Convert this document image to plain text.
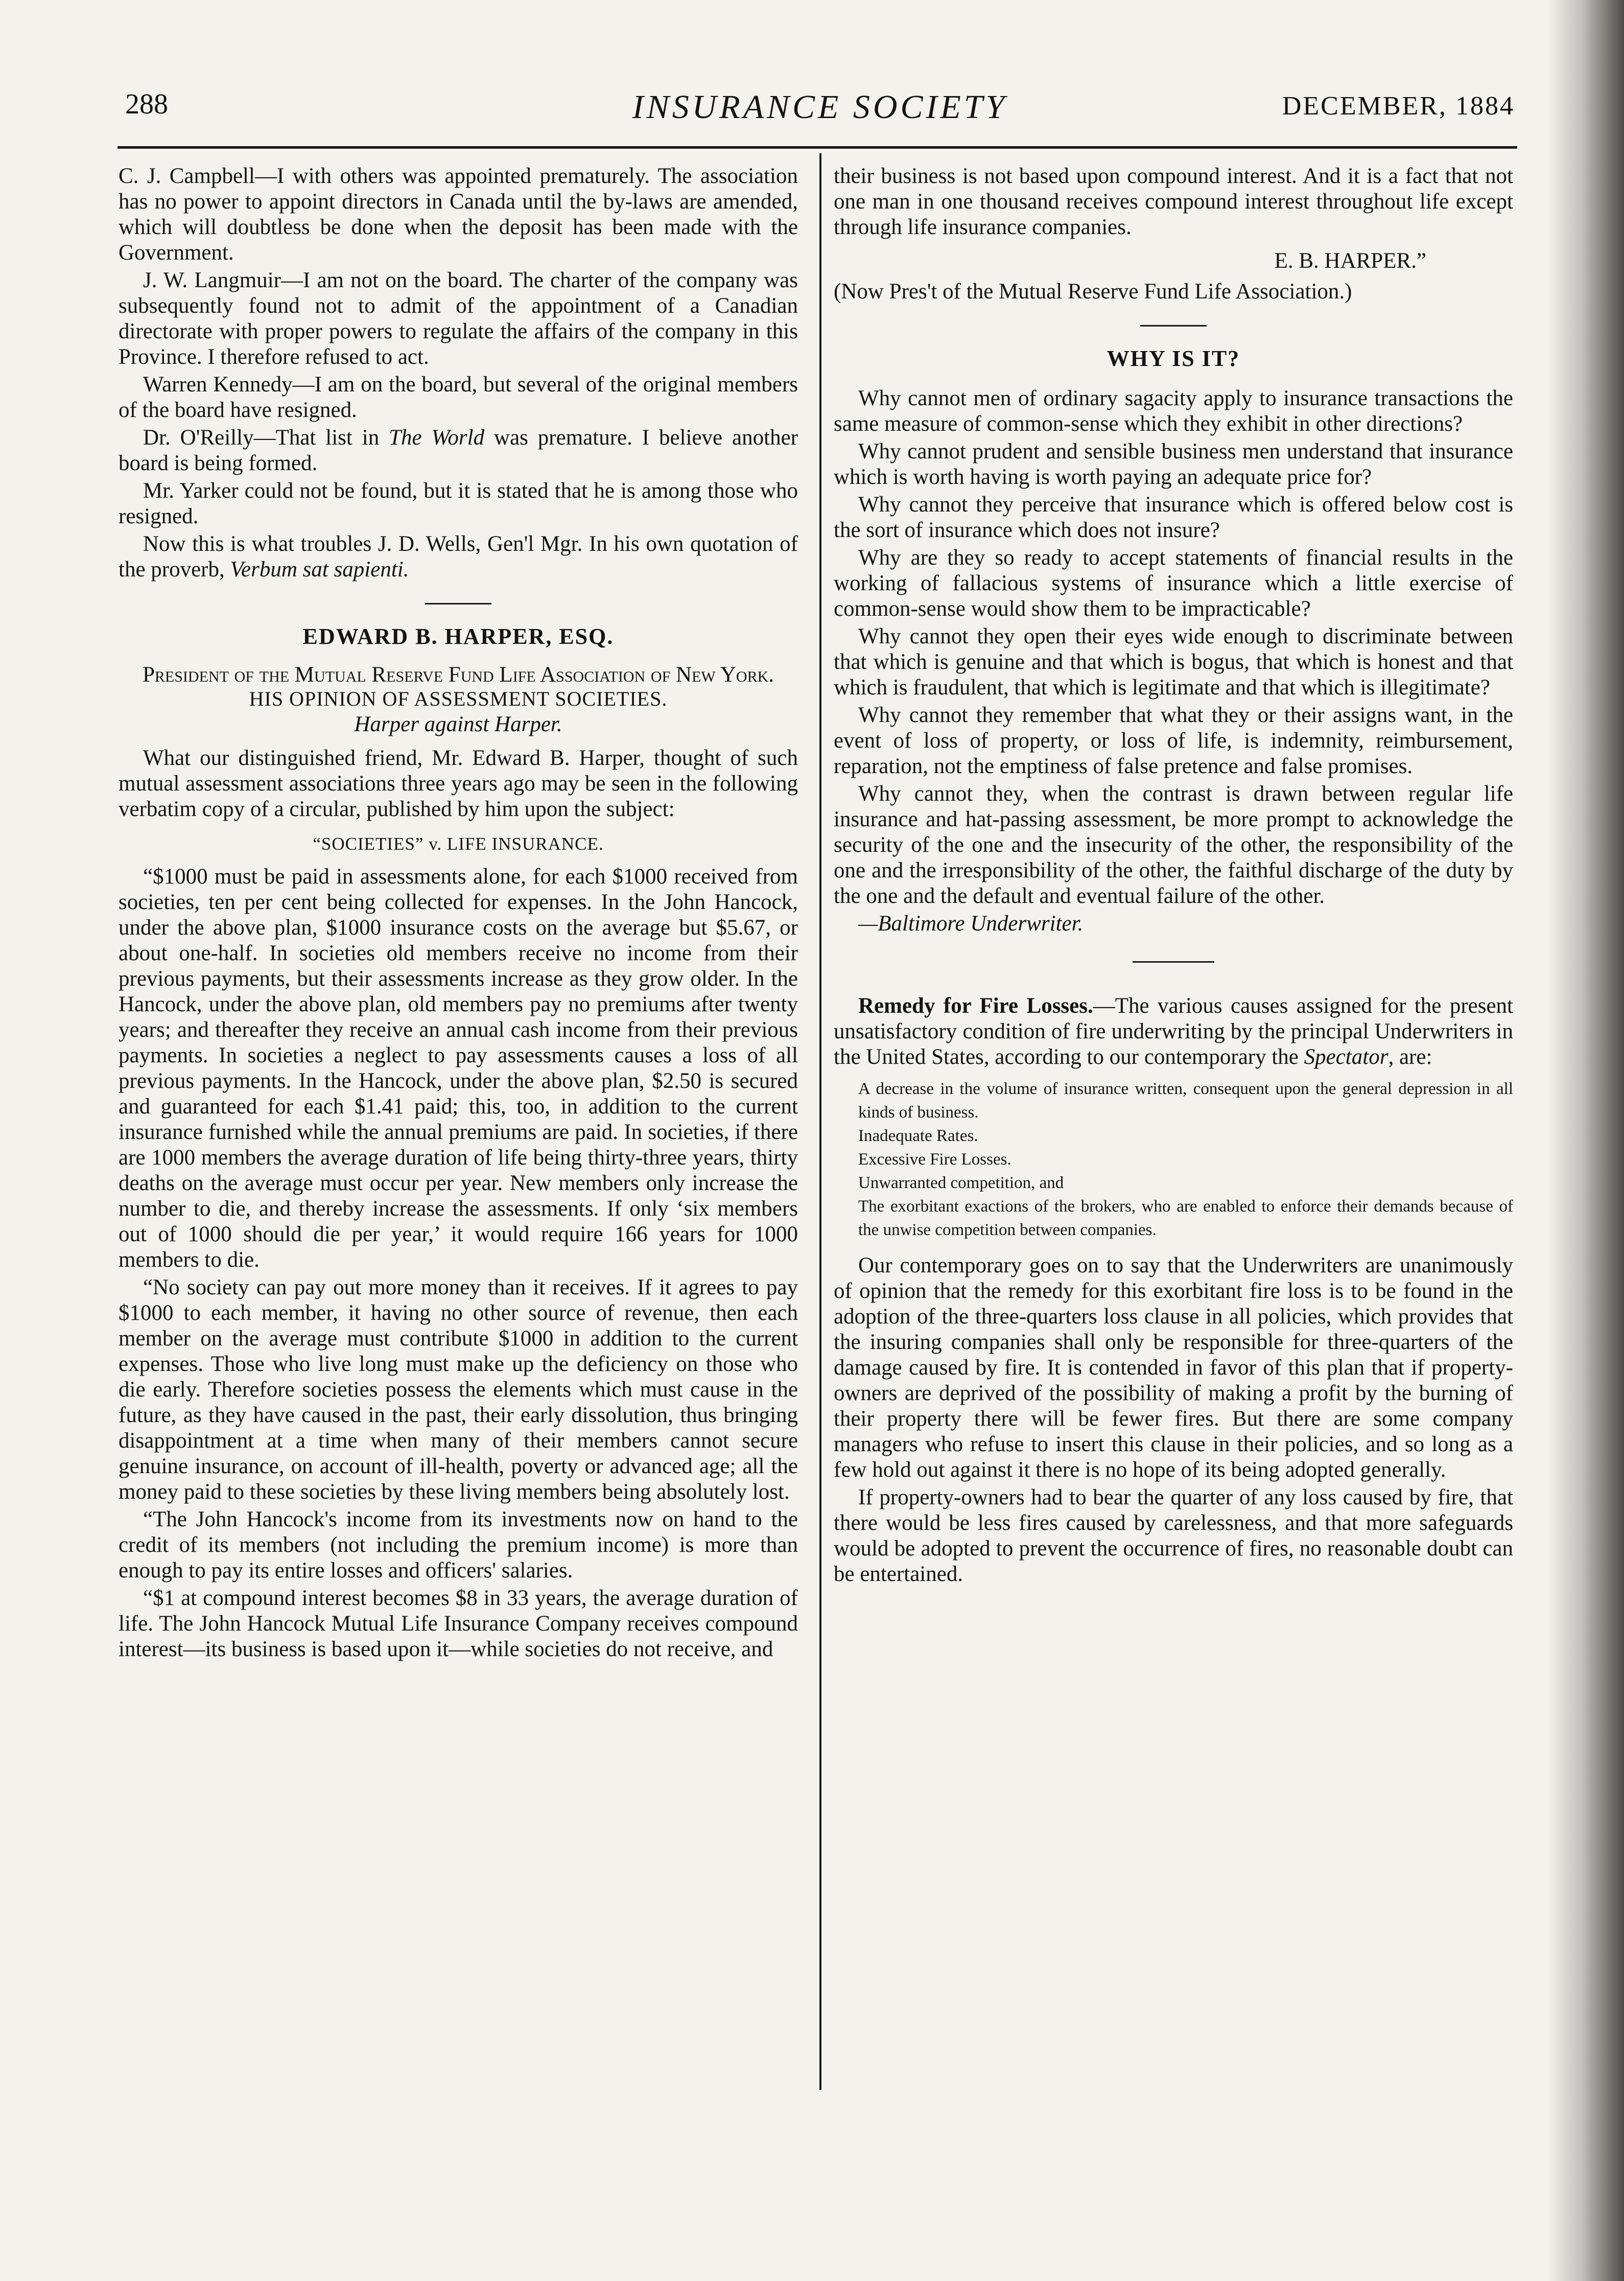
288	INSURANCE SOCIETY	DECEMBER, 1884

C. J. Campbell—I with others was appointed prematurely. The association has no power to appoint directors in Canada until the by-laws are amended, which will doubtless be done when the deposit has been made with the Government.

J. W. Langmuir—I am not on the board. The charter of the company was subsequently found not to admit of the appointment of a Canadian directorate with proper powers to regulate the affairs of the company in this Province. I therefore refused to act.

Warren Kennedy—I am on the board, but several of the original members of the board have resigned.

Dr. O'Reilly—That list in The World was premature. I believe another board is being formed.

Mr. Yarker could not be found, but it is stated that he is among those who resigned.

Now this is what troubles J. D. Wells, Gen'l Mgr. In his own quotation of the proverb, Verbum sat sapienti.

EDWARD B. HARPER, ESQ.
President of the Mutual Reserve Fund Life Association of New York.
HIS OPINION OF ASSESSMENT SOCIETIES.
Harper against Harper.

What our distinguished friend, Mr. Edward B. Harper, thought of such mutual assessment associations three years ago may be seen in the following verbatim copy of a circular, published by him upon the subject:

“SOCIETIES” v. LIFE INSURANCE.

“$1000 must be paid in assessments alone, for each $1000 received from societies, ten per cent being collected for expenses. In the John Hancock, under the above plan, $1000 insurance costs on the average but $5.67, or about one-half. In societies old members receive no income from their previous payments, but their assessments increase as they grow older. In the Hancock, under the above plan, old members pay no premiums after twenty years; and thereafter they receive an annual cash income from their previous payments. In societies a neglect to pay assessments causes a loss of all previous payments. In the Hancock, under the above plan, $2.50 is secured and guaranteed for each $1.41 paid; this, too, in addition to the current insurance furnished while the annual premiums are paid. In societies, if there are 1000 members the average duration of life being thirty-three years, thirty deaths on the average must occur per year. New members only increase the number to die, and thereby increase the assessments. If only ‘six members out of 1000 should die per year,’ it would require 166 years for 1000 members to die.

“No society can pay out more money than it receives. If it agrees to pay $1000 to each member, it having no other source of revenue, then each member on the average must contribute $1000 in addition to the current expenses. Those who live long must make up the deficiency on those who die early. Therefore societies possess the elements which must cause in the future, as they have caused in the past, their early dissolution, thus bringing disappointment at a time when many of their members cannot secure genuine insurance, on account of ill-health, poverty or advanced age; all the money paid to these societies by these living members being absolutely lost.

“The John Hancock's income from its investments now on hand to the credit of its members (not including the premium income) is more than enough to pay its entire losses and officers' salaries.

“$1 at compound interest becomes $8 in 33 years, the average duration of life. The John Hancock Mutual Life Insurance Company receives compound interest—its business is based upon it—while societies do not receive, and

their business is not based upon compound interest. And it is a fact that not one man in one thousand receives compound interest throughout life except through life insurance companies.

E. B. HARPER.”

(Now Pres't of the Mutual Reserve Fund Life Association.)

WHY IS IT?

Why cannot men of ordinary sagacity apply to insurance transactions the same measure of common-sense which they exhibit in other directions?

Why cannot prudent and sensible business men understand that insurance which is worth having is worth paying an adequate price for?

Why cannot they perceive that insurance which is offered below cost is the sort of insurance which does not insure?

Why are they so ready to accept statements of financial results in the working of fallacious systems of insurance which a little exercise of common-sense would show them to be impracticable?

Why cannot they open their eyes wide enough to discriminate between that which is genuine and that which is bogus, that which is honest and that which is fraudulent, that which is legitimate and that which is illegitimate?

Why cannot they remember that what they or their assigns want, in the event of loss of property, or loss of life, is indemnity, reimbursement, reparation, not the emptiness of false pretence and false promises.

Why cannot they, when the contrast is drawn between regular life insurance and hat-passing assessment, be more prompt to acknowledge the security of the one and the insecurity of the other, the responsibility of the one and the irresponsibility of the other, the faithful discharge of the duty by the one and the default and eventual failure of the other.

—Baltimore Underwriter.

Remedy for Fire Losses.—The various causes assigned for the present unsatisfactory condition of fire underwriting by the principal Underwriters in the United States, according to our contemporary the Spectator, are:

A decrease in the volume of insurance written, consequent upon the general depression in all kinds of business.
Inadequate Rates.
Excessive Fire Losses.
Unwarranted competition, and
The exorbitant exactions of the brokers, who are enabled to enforce their demands because of the unwise competition between companies.

Our contemporary goes on to say that the Underwriters are unanimously of opinion that the remedy for this exorbitant fire loss is to be found in the adoption of the three-quarters loss clause in all policies, which provides that the insuring companies shall only be responsible for three-quarters of the damage caused by fire. It is contended in favor of this plan that if property-owners are deprived of the possibility of making a profit by the burning of their property there will be fewer fires. But there are some company managers who refuse to insert this clause in their policies, and so long as a few hold out against it there is no hope of its being adopted generally.

If property-owners had to bear the quarter of any loss caused by fire, that there would be less fires caused by carelessness, and that more safeguards would be adopted to prevent the occurrence of fires, no reasonable doubt can be entertained.
